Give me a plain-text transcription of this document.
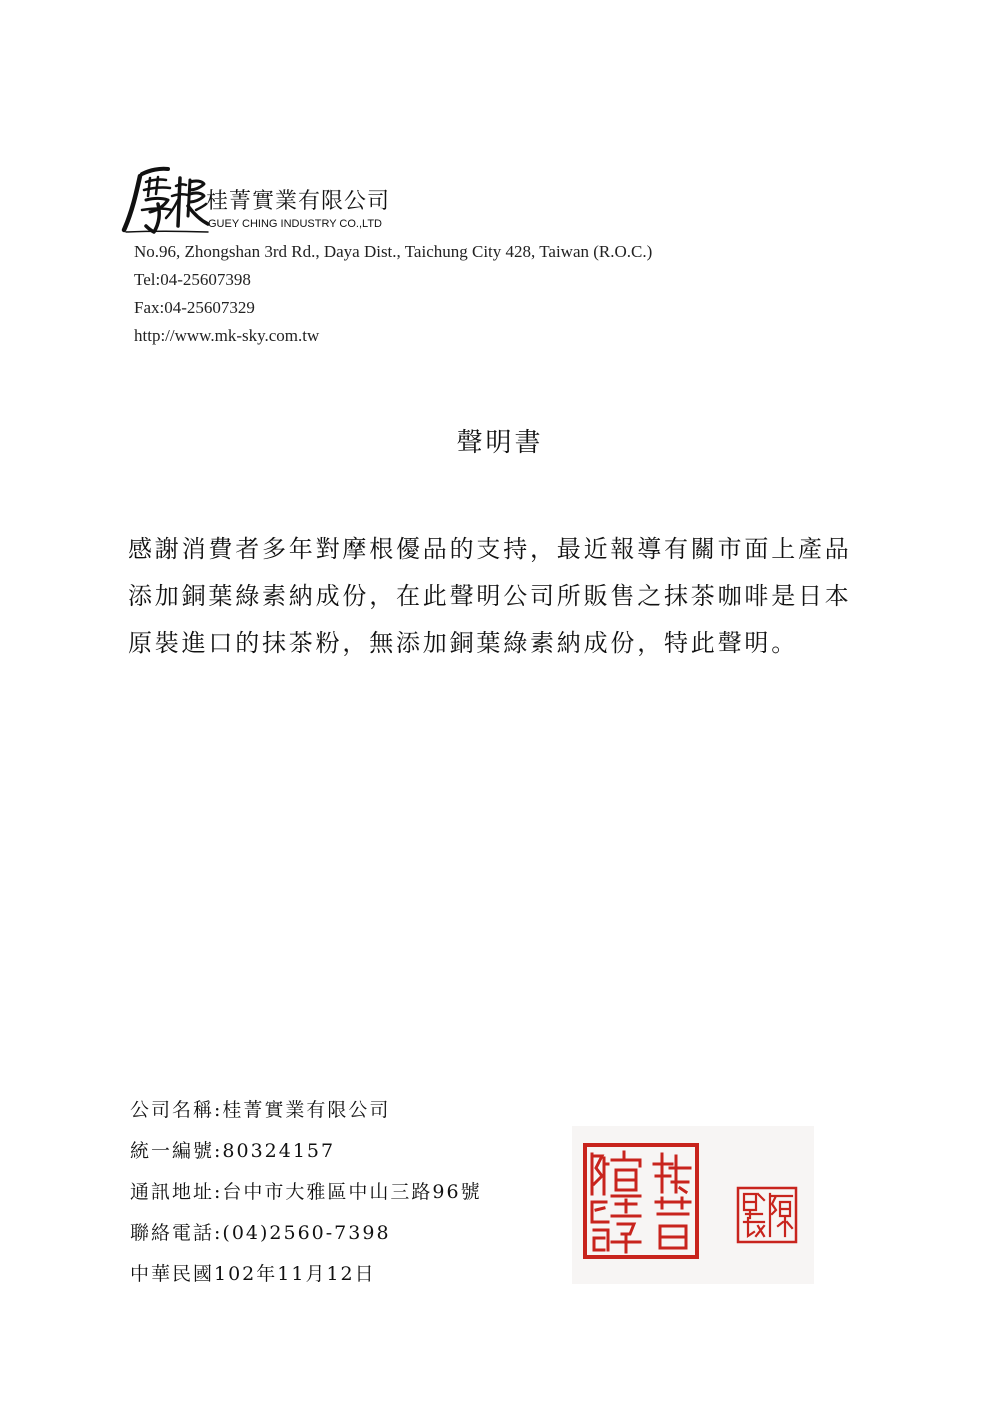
摩根
桂菁實業有限公司
GUEY CHING INDUSTRY CO.,LTD
No.96, Zhongshan 3rd Rd., Daya Dist., Taichung City 428, Taiwan (R.O.C.)
Tel:04-25607398
Fax:04-25607329
http://www.mk-sky.com.tw
聲明書
感謝消費者多年對摩根優品的支持，最近報導有關市面上產品
添加銅葉綠素納成份，在此聲明公司所販售之抹茶咖啡是日本
原裝進口的抹茶粉，無添加銅葉綠素納成份，特此聲明。
公司名稱:桂菁實業有限公司
統一編號:80324157
通訊地址:台中市大雅區中山三路96號
聯絡電話:(04)2560-7398
中華民國102年11月12日
